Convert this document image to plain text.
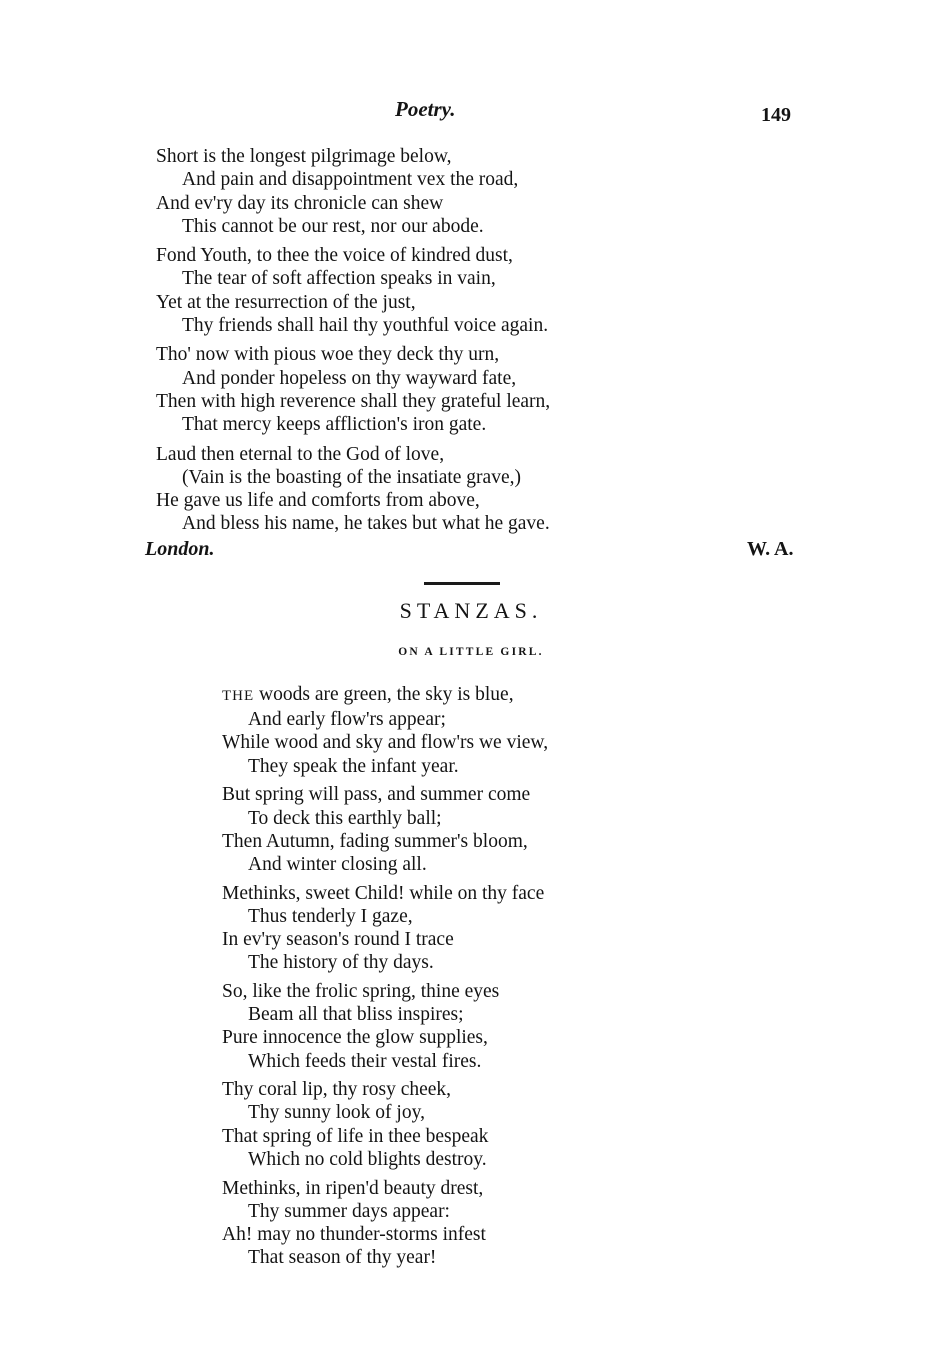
Poetry.	149
Short is the longest pilgrimage below,
And pain and disappointment vex the road,
And ev'ry day its chronicle can shew
This cannot be our rest, nor our abode.
Fond Youth, to thee the voice of kindred dust,
The tear of soft affection speaks in vain,
Yet at the resurrection of the just,
Thy friends shall hail thy youthful voice again.
Tho' now with pious woe they deck thy urn,
And ponder hopeless on thy wayward fate,
Then with high reverence shall they grateful learn,
That mercy keeps affliction's iron gate.
Laud then eternal to the God of love,
(Vain is the boasting of the insatiate grave,)
He gave us life and comforts from above,
And bless his name, he takes but what he gave.
London.	W. A.
STANZAS.
ON A LITTLE GIRL.
THE woods are green, the sky is blue,
And early flow'rs appear;
While wood and sky and flow'rs we view,
They speak the infant year.
But spring will pass, and summer come
To deck this earthly ball;
Then Autumn, fading summer's bloom,
And winter closing all.
Methinks, sweet Child! while on thy face
Thus tenderly I gaze,
In ev'ry season's round I trace
The history of thy days.
So, like the frolic spring, thine eyes
Beam all that bliss inspires;
Pure innocence the glow supplies,
Which feeds their vestal fires.
Thy coral lip, thy rosy cheek,
Thy sunny look of joy,
That spring of life in thee bespeak
Which no cold blights destroy.
Methinks, in ripen'd beauty drest,
Thy summer days appear:
Ah! may no thunder-storms infest
That season of thy year!
